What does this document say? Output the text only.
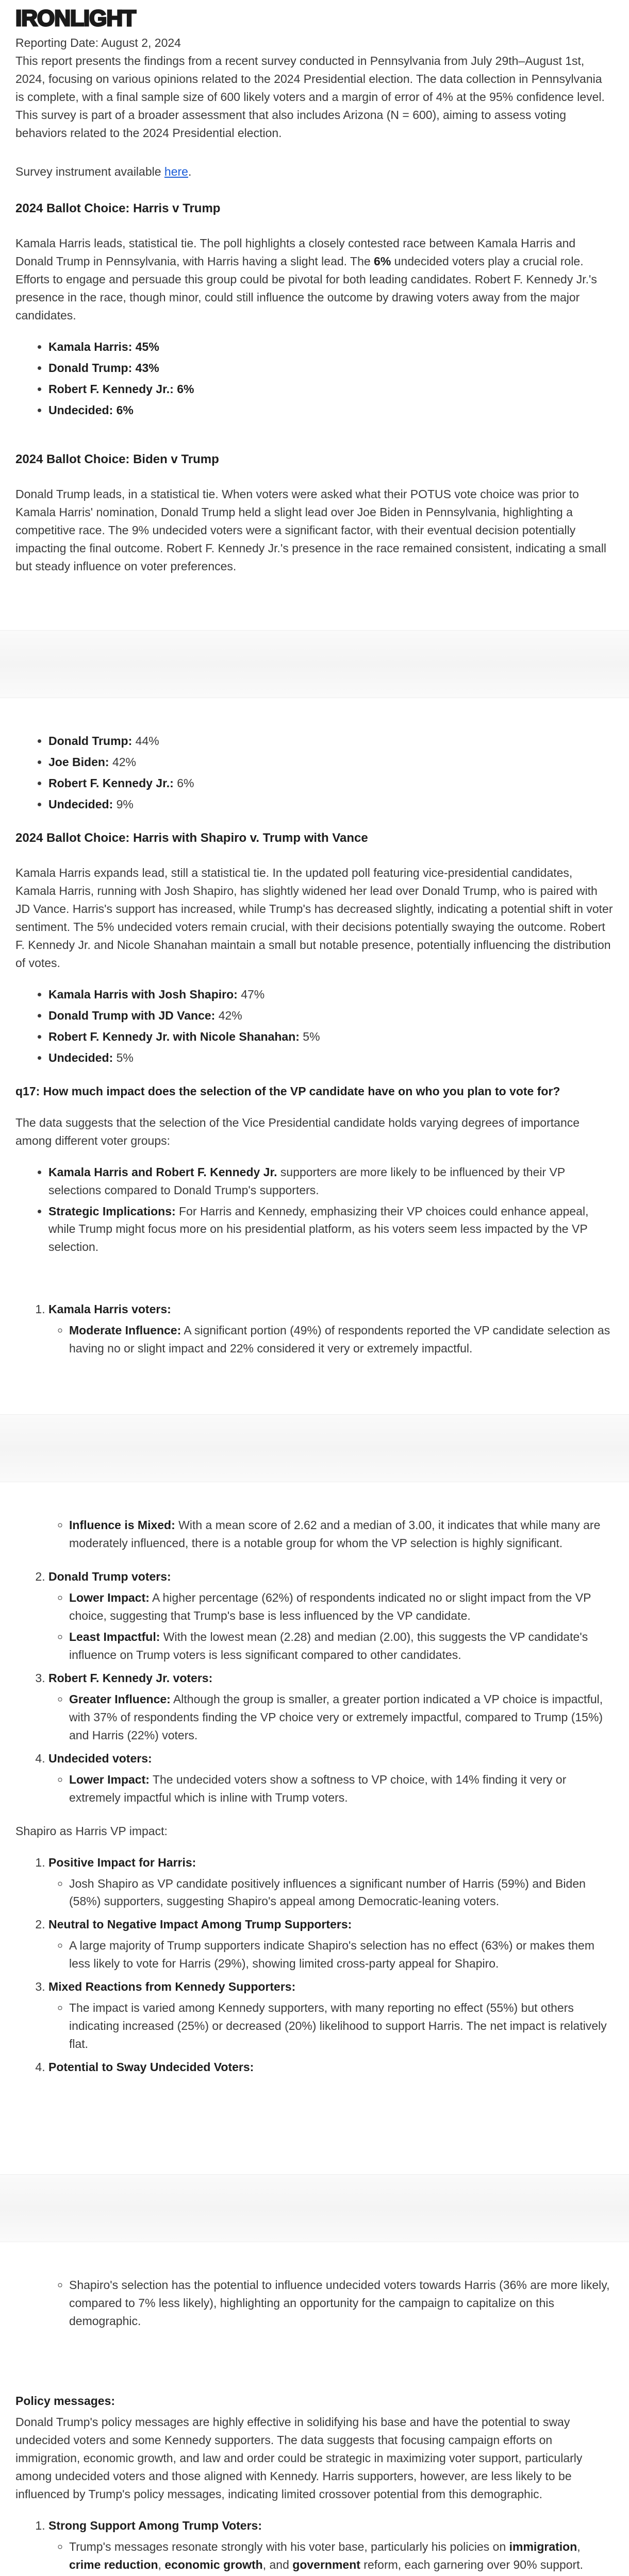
IRONLIGHT

Reporting Date: August 2, 2024

This report presents the findings from a recent survey conducted in Pennsylvania from July 29th–August 1st, 2024, focusing on various opinions related to the 2024 Presidential election. The data collection in Pennsylvania is complete, with a final sample size of 600 likely voters and a margin of error of 4% at the 95% confidence level. This survey is part of a broader assessment that also includes Arizona (N = 600), aiming to assess voting behaviors related to the 2024 Presidential election.

Survey instrument available here.

2024 Ballot Choice: Harris v Trump

Kamala Harris leads, statistical tie. The poll highlights a closely contested race between Kamala Harris and Donald Trump in Pennsylvania, with Harris having a slight lead. The 6% undecided voters play a crucial role. Efforts to engage and persuade this group could be pivotal for both leading candidates. Robert F. Kennedy Jr.'s presence in the race, though minor, could still influence the outcome by drawing voters away from the major candidates.

• Kamala Harris: 45%
• Donald Trump: 43%
• Robert F. Kennedy Jr.: 6%
• Undecided: 6%
2024 Ballot Choice: Biden v Trump

Donald Trump leads, in a statistical tie. When voters were asked what their POTUS vote choice was prior to Kamala Harris' nomination, Donald Trump held a slight lead over Joe Biden in Pennsylvania, highlighting a competitive race. The 9% undecided voters were a significant factor, with their eventual decision potentially impacting the final outcome. Robert F. Kennedy Jr.'s presence in the race remained consistent, indicating a small but steady influence on voter preferences.

• Donald Trump: 44%
• Joe Biden: 42%
• Robert F. Kennedy Jr.: 6%
• Undecided: 9%
2024 Ballot Choice: Harris with Shapiro v. Trump with Vance

Kamala Harris expands lead, still a statistical tie. In the updated poll featuring vice-presidential candidates, Kamala Harris, running with Josh Shapiro, has slightly widened her lead over Donald Trump, who is paired with JD Vance. Harris's support has increased, while Trump's has decreased slightly, indicating a potential shift in voter sentiment. The 5% undecided voters remain crucial, with their decisions potentially swaying the outcome. Robert F. Kennedy Jr. and Nicole Shanahan maintain a small but notable presence, potentially influencing the distribution of votes.

• Kamala Harris with Josh Shapiro: 47%
• Donald Trump with JD Vance: 42%
• Robert F. Kennedy Jr. with Nicole Shanahan: 5%
• Undecided: 5%

q17: How much impact does the selection of the VP candidate have on who you plan to vote for?

The data suggests that the selection of the Vice Presidential candidate holds varying degrees of importance among different voter groups:

• Kamala Harris and Robert F. Kennedy Jr. supporters are more likely to be influenced by their VP selections compared to Donald Trump's supporters.
• Strategic Implications: For Harris and Kennedy, emphasizing their VP choices could enhance appeal, while Trump might focus more on his presidential platform, as his voters seem less impacted by the VP selection.
1. Kamala Harris voters:
◦ Moderate Influence: A significant portion (49%) of respondents reported the VP candidate selection as having no or slight impact and 22% considered it very or extremely impactful.
◦ Influence is Mixed: With a mean score of 2.62 and a median of 3.00, it indicates that while many are moderately influenced, there is a notable group for whom the VP selection is highly significant.
2. Donald Trump voters:
◦ Lower Impact: A higher percentage (62%) of respondents indicated no or slight impact from the VP choice, suggesting that Trump's base is less influenced by the VP candidate.
◦ Least Impactful: With the lowest mean (2.28) and median (2.00), this suggests the VP candidate's influence on Trump voters is less significant compared to other candidates.
3. Robert F. Kennedy Jr. voters:
◦ Greater Influence: Although the group is smaller, a greater portion indicated a VP choice is impactful, with 37% of respondents finding the VP choice very or extremely impactful, compared to Trump (15%) and Harris (22%) voters.
4. Undecided voters:
◦ Lower Impact: The undecided voters show a softness to VP choice, with 14% finding it very or extremely impactful which is inline with Trump voters.

Shapiro as Harris VP impact:

1. Positive Impact for Harris:
◦ Josh Shapiro as VP candidate positively influences a significant number of Harris (59%) and Biden (58%) supporters, suggesting Shapiro's appeal among Democratic-leaning voters.
2. Neutral to Negative Impact Among Trump Supporters:
◦ A large majority of Trump supporters indicate Shapiro's selection has no effect (63%) or makes them less likely to vote for Harris (29%), showing limited cross-party appeal for Shapiro.
3. Mixed Reactions from Kennedy Supporters:
◦ The impact is varied among Kennedy supporters, with many reporting no effect (55%) but others indicating increased (25%) or decreased (20%) likelihood to support Harris. The net impact is relatively flat.
4. Potential to Sway Undecided Voters:
◦ Shapiro's selection has the potential to influence undecided voters towards Harris (36% are more likely, compared to 7% less likely), highlighting an opportunity for the campaign to capitalize on this demographic.

Policy messages:

Donald Trump's policy messages are highly effective in solidifying his base and have the potential to sway undecided voters and some Kennedy supporters. The data suggests that focusing campaign efforts on immigration, economic growth, and law and order could be strategic in maximizing voter support, particularly among undecided voters and those aligned with Kennedy. Harris supporters, however, are less likely to be influenced by Trump's policy messages, indicating limited crossover potential from this demographic.

1. Strong Support Among Trump Voters:
◦ Trump's messages resonate strongly with his voter base, particularly his policies on immigration, crime reduction, economic growth, and government reform, each garnering over 90% support.
